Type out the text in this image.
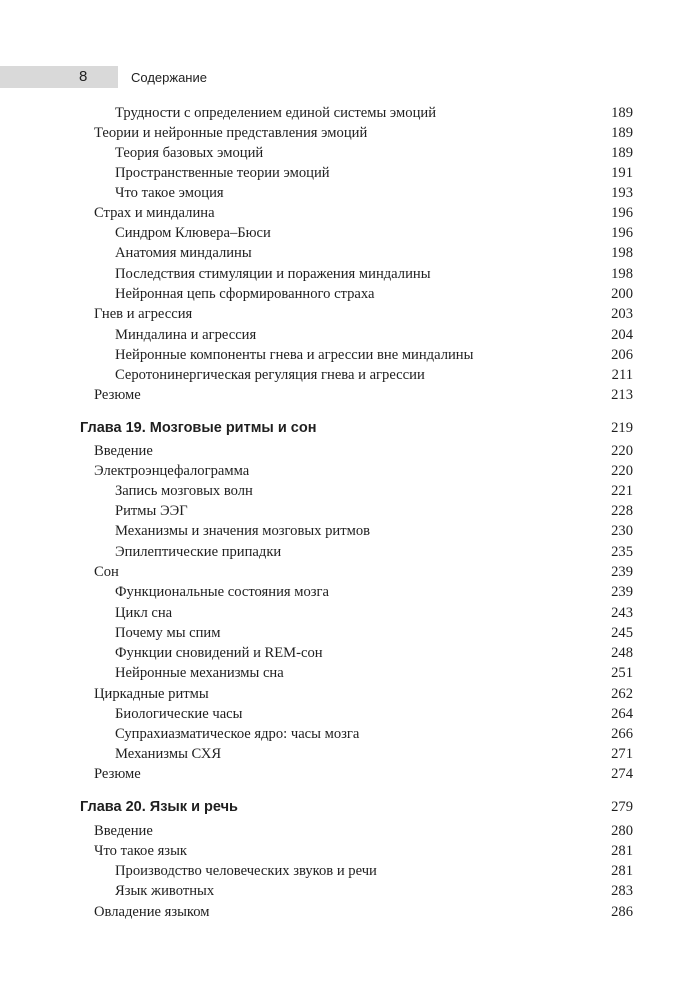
8	Содержание
Трудности с определением единой системы эмоций	189
Теории и нейронные представления эмоций	189
Теория базовых эмоций	189
Пространственные теории эмоций	191
Что такое эмоция	193
Страх и миндалина	196
Синдром Клювера–Бюси	196
Анатомия миндалины	198
Последствия стимуляции и поражения миндалины	198
Нейронная цепь сформированного страха	200
Гнев и агрессия	203
Миндалина и агрессия	204
Нейронные компоненты гнева и агрессии вне миндалины	206
Серотонинергическая регуляция гнева и агрессии	211
Резюме	213
Глава 19. Мозговые ритмы и сон	219
Введение	220
Электроэнцефалограмма	220
Запись мозговых волн	221
Ритмы ЭЭГ	228
Механизмы и значения мозговых ритмов	230
Эпилептические припадки	235
Сон	239
Функциональные состояния мозга	239
Цикл сна	243
Почему мы спим	245
Функции сновидений и REM-сон	248
Нейронные механизмы сна	251
Циркадные ритмы	262
Биологические часы	264
Супрахиазматическое ядро: часы мозга	266
Механизмы СХЯ	271
Резюме	274
Глава 20. Язык и речь	279
Введение	280
Что такое язык	281
Производство человеческих звуков и речи	281
Язык животных	283
Овладение языком	286
